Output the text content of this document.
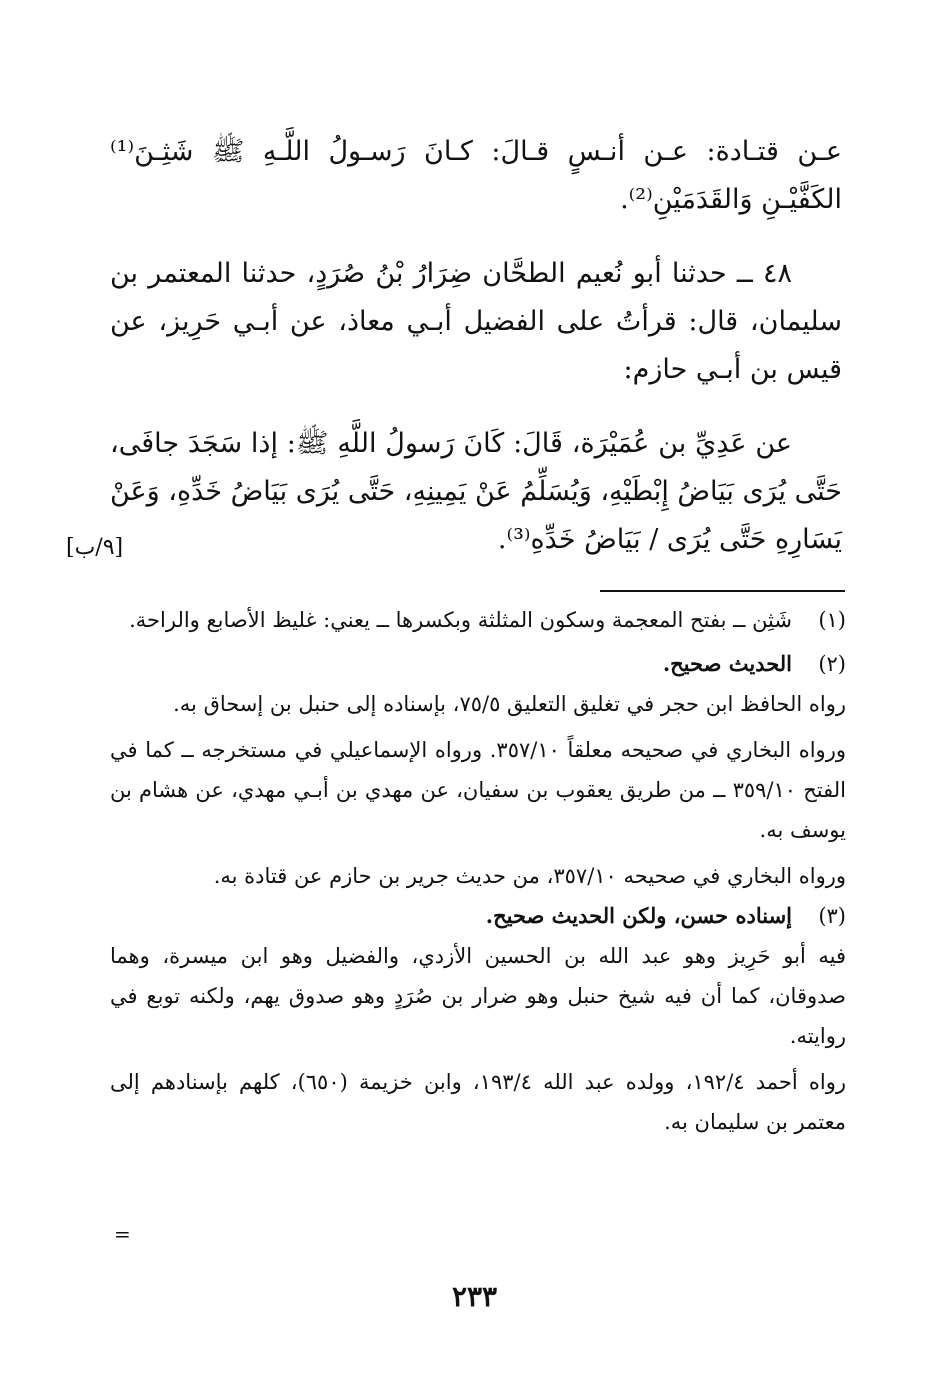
عـن قتـادة: عـن أنـسٍ قـالَ: كـانَ رَسـولُ اللَّـهِ ﷺ شَثِـنَ⁽¹⁾ الكَفَّيْـنِ وَالقَدَمَيْنِ⁽²⁾.

٤٨ ــ حدثنا أبو نُعيم الطحَّان ضِرَارُ بْنُ صُرَدٍ، حدثنا المعتمر بن سليمان، قال: قرأتُ على الفضيل أبـي معاذ، عن أبـي حَرِيز، عن قيس بن أبـي حازم:

عن عَدِيِّ بن عُمَيْرَة، قَالَ: كَانَ رَسولُ اللَّهِ ﷺ: إذا سَجَدَ جافَى، حَتَّى يُرَى بَيَاضُ إِبْطَيْهِ، وَيُسَلِّمُ عَنْ يَمِينِهِ، حَتَّى يُرَى بَيَاضُ خَدِّهِ، وَعَنْ يَسَارِهِ حَتَّى يُرَى / بَيَاضُ خَدِّهِ⁽³⁾.

[٩/ب]
(١)
شَثِن ــ بفتح المعجمة وسكون المثلثة وبكسرها ــ يعني: غليظ الأصابع والراحة.
(٢)
الحديث صحيح.

رواه الحافظ ابن حجر في تغليق التعليق ٧٥/٥، بإسناده إلى حنبل بن إسحاق به.

ورواه البخاري في صحيحه معلقاً ٣٥٧/١٠. ورواه الإسماعيلي في مستخرجه ــ كما في الفتح ٣٥٩/١٠ ــ من طريق يعقوب بن سفيان، عن مهدي بن أبـي مهدي، عن هشام بن يوسف به.

ورواه البخاري في صحيحه ٣٥٧/١٠، من حديث جرير بن حازم عن قتادة به.

(٣)
إسناده حسن، ولكن الحديث صحيح.

فيه أبو حَرِيز وهو عبد الله بن الحسين الأزدي، والفضيل وهو ابن ميسرة، وهما صدوقان، كما أن فيه شيخ حنبل وهو ضرار بن صُرَدٍ وهو صدوق يهم، ولكنه توبع في روايته.

رواه أحمد ١٩٢/٤، وولده عبد الله ١٩٣/٤، وابن خزيمة (٦٥٠)، كلهم بإسنادهم إلى معتمر بن سليمان به.

=
٢٣٣
